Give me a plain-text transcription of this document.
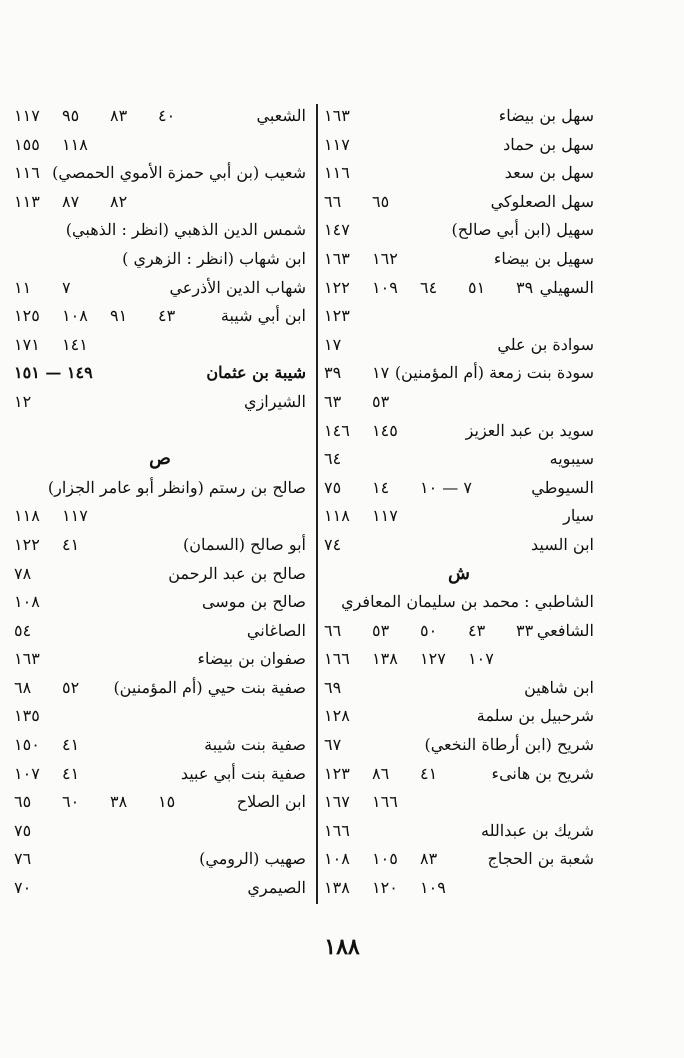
سهل بن بيضاء
١٦٣
سهل بن حماد
١١٧
سهل بن سعد
١١٦
سهل الصعلوكي
٦٥
٦٦
سهيل (ابن أبي صالح)
١٤٧
سهيل بن بيضاء
١٦٢
١٦٣
السهيلي
٣٩
٥١
٦٤
١٠٩
١٢٢
١٢٣
سوادة بن علي
١٧
سودة بنت زمعة (أم المؤمنين)
١٧
٣٩
٥٣
٦٣
سويد بن عبد العزيز
١٤٥
١٤٦
سيبويه
٦٤
السيوطي
٧ — ١٠
١٤
٧٥
سيار
١١٧
١١٨
ابن السيد
٧٤
ش
الشاطبي : محمد بن سليمان المعافري
الشافعي
٣٣
٤٣
٥٠
٥٣
٦٦
١٠٧
١٢٧
١٣٨
١٦٦
ابن شاهين
٦٩
شرحبيل بن سلمة
١٢٨
شريح (ابن أرطاة النخعي)
٦٧
شريح بن هانىء
٤١
٨٦
١٢٣
١٦٦
١٦٧
شريك بن عبدالله
١٦٦
شعبة بن الحجاج
٨٣
١٠٥
١٠٨
١٠٩
١٢٠
١٣٨
الشعبي
٤٠
٨٣
٩٥
١١٧
١١٨
١٥٥
شعيب (بن أبي حمزة الأموي الحمصي)
١١٦
٨٢
٨٧
١١٣
شمس الدين الذهبي (انظر : الذهبي)
ابن شهاب (انظر : الزهري )
شهاب الدين الأذرعي
٧
١١
ابن أبي شيبة
٤٣
٩١
١٠٨
١٢٥
١٤١
١٧١
شيبة بن عثمان
١٤٩ — ١٥١
الشيرازي
١٢
ص
صالح بن رستم (وانظر أبو عامر الجزار)
١١٧
١١٨
أبو صالح (السمان)
٤١
١٢٢
صالح بن عبد الرحمن
٧٨
صالح بن موسى
١٠٨
الصاغاني
٥٤
صفوان بن بيضاء
١٦٣
صفية بنت حيي (أم المؤمنين)
٥٢
٦٨
١٣٥
صفية بنت شيبة
٤١
١٥٠
صفية بنت أبي عبيد
٤١
١٠٧
ابن الصلاح
١٥
٣٨
٦٠
٦٥
٧٥
صهيب (الرومي)
٧٦
الصيمري
٧٠
١٨٨
